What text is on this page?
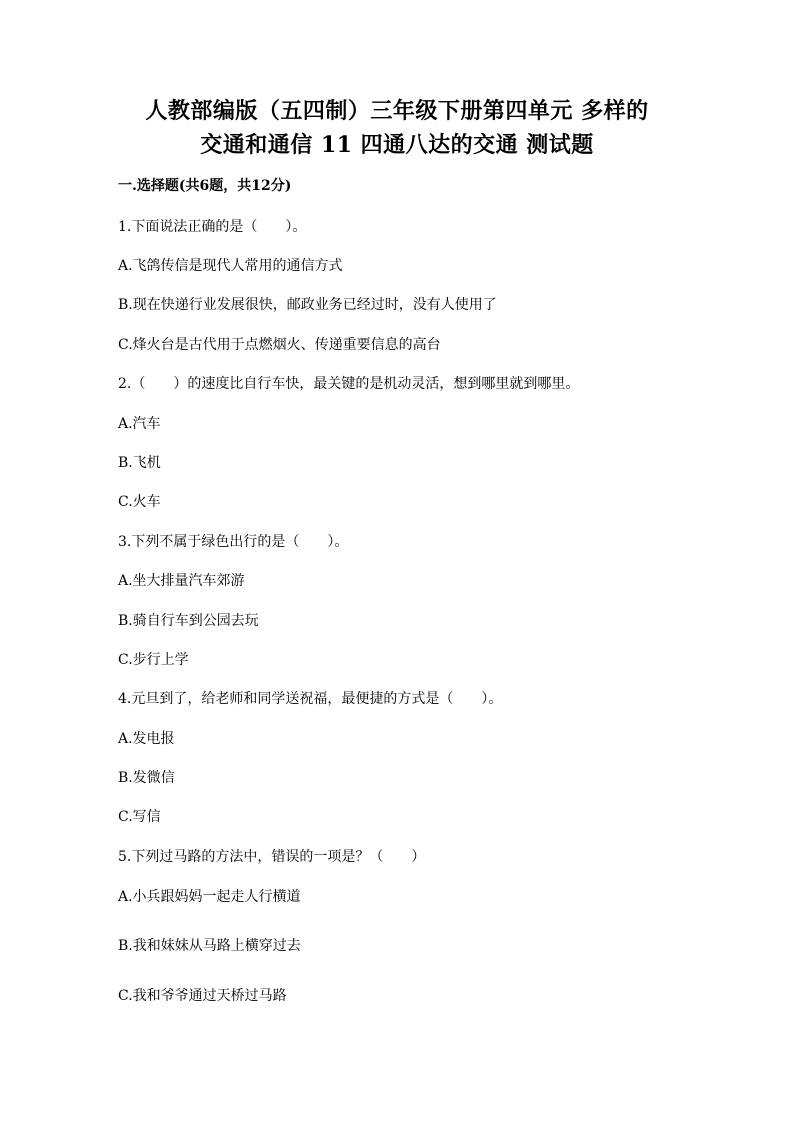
人教部编版（五四制）三年级下册第四单元 多样的
交通和通信 11 四通八达的交通 测试题
一.选择题(共6题，共12分)
1.下面说法正确的是（　　）。
A.飞鸽传信是现代人常用的通信方式
B.现在快递行业发展很快，邮政业务已经过时，没有人使用了
C.烽火台是古代用于点燃烟火、传递重要信息的高台
2.（　　）的速度比自行车快，最关键的是机动灵活，想到哪里就到哪里。
A.汽车
B.飞机
C.火车
3.下列不属于绿色出行的是（　　）。
A.坐大排量汽车郊游
B.骑自行车到公园去玩
C.步行上学
4.元旦到了，给老师和同学送祝福，最便捷的方式是（　　）。
A.发电报
B.发微信
C.写信
5.下列过马路的方法中，错误的一项是？（　　）
A.小兵跟妈妈一起走人行横道
B.我和妹妹从马路上横穿过去
C.我和爷爷通过天桥过马路
